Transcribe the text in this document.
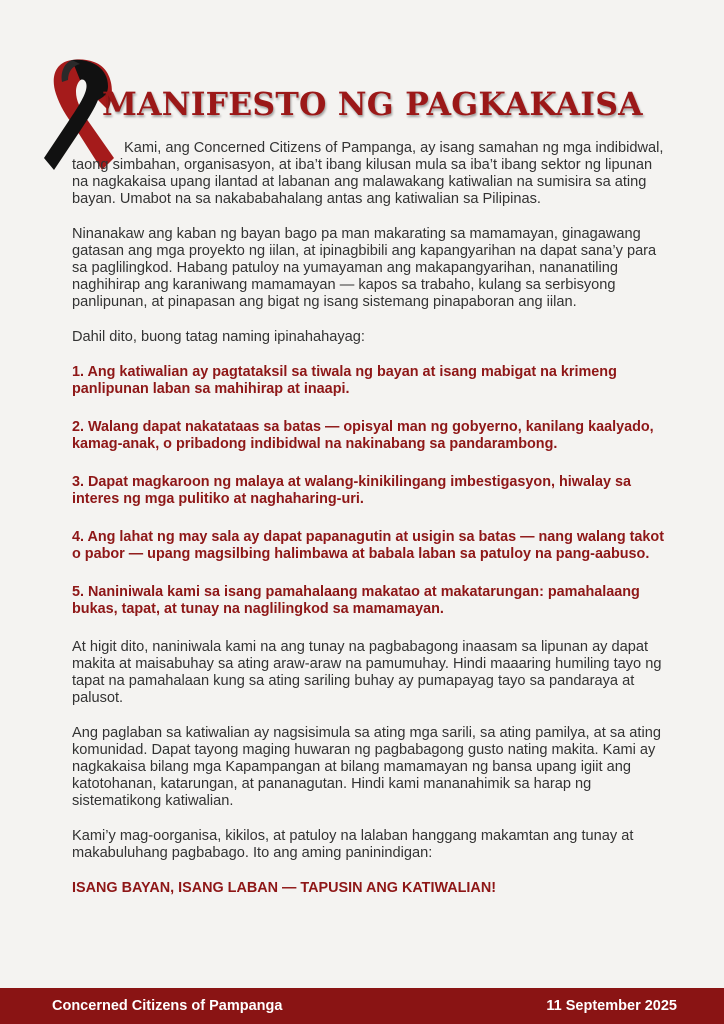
MANIFESTO NG PAGKAKAISA

Kami, ang Concerned Citizens of Pampanga, ay isang samahan ng mga indibidwal, taong simbahan, organisasyon, at iba’t ibang kilusan mula sa iba’t ibang sektor ng lipunan na nagkakaisa upang ilantad at labanan ang malawakang katiwalian na sumisira sa ating bayan. Umabot na sa nakababahalang antas ang katiwalian sa Pilipinas.

Ninanakaw ang kaban ng bayan bago pa man makarating sa mamamayan, ginagawang gatasan ang mga proyekto ng iilan, at ipinagbibili ang kapangyarihan na dapat sana’y para sa paglilingkod. Habang patuloy na yumayaman ang makapangyarihan, nananatiling naghihirap ang karaniwang mamamayan — kapos sa trabaho, kulang sa serbisyong panlipunan, at pinapasan ang bigat ng isang sistemang pinapaboran ang iilan.

Dahil dito, buong tatag naming ipinahahayag:

1. Ang katiwalian ay pagtataksil sa tiwala ng bayan at isang mabigat na krimeng panlipunan laban sa mahihirap at inaapi.

2. Walang dapat nakatataas sa batas — opisyal man ng gobyerno, kanilang kaalyado, kamag-anak, o pribadong indibidwal na nakinabang sa pandarambong.

3. Dapat magkaroon ng malaya at walang-kinikilingang imbestigasyon, hiwalay sa interes ng mga pulitiko at naghaharing-uri.

4. Ang lahat ng may sala ay dapat papanagutin at usigin sa batas — nang walang takot o pabor — upang magsilbing halimbawa at babala laban sa patuloy na pang-aabuso.

5. Naniniwala kami sa isang pamahalaang makatao at makatarungan: pamahalaang bukas, tapat, at tunay na naglilingkod sa mamamayan.

At higit dito, naniniwala kami na ang tunay na pagbabagong inaasam sa lipunan ay dapat makita at maisabuhay sa ating araw-araw na pamumuhay. Hindi maaaring humiling tayo ng tapat na pamahalaan kung sa ating sariling buhay ay pumapayag tayo sa pandaraya at palusot.

Ang paglaban sa katiwalian ay nagsisimula sa ating mga sarili, sa ating pamilya, at sa ating komunidad. Dapat tayong maging huwaran ng pagbabagong gusto nating makita. Kami ay nagkakaisa bilang mga Kapampangan at bilang mamamayan ng bansa upang igiit ang katotohanan, katarungan, at pananagutan. Hindi kami mananahimik sa harap ng sistematikong katiwalian.

Kami’y mag-oorganisa, kikilos, at patuloy na lalaban hanggang makamtan ang tunay at makabuluhang pagbabago. Ito ang aming paninindigan:

ISANG BAYAN, ISANG LABAN — TAPUSIN ANG KATIWALIAN!

Concerned Citizens of Pampanga	11 September 2025
